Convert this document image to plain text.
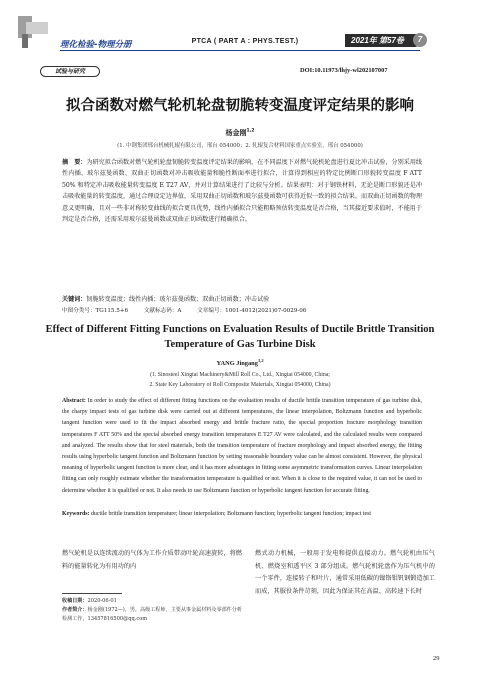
理化检验-物理分册	PTCA ( PART A : PHYS.TEST.)	2021年 第57卷	7
试验与研究	DOI:10.11973/lhjy-wl202107007
拟合函数对燃气轮机轮盘韧脆转变温度评定结果的影响
杨金刚$^{1,2}$
(1. 中钢集团邢台机械轧辊有限公司，邢台 054000；2. 轧辊复合材料国家重点实验室，邢台 054000)
摘　要：为研究拟合函数对燃气轮机轮盘韧脆转变温度评定结果的影响，在不同温度下对燃气轮机轮盘进行夏比冲击试验，分别采用线性内插、玻尔兹曼函数、双曲正切函数对冲击吸收能量和脆性断面率进行拟合，计算得到相应的特定比例断口形貌转变温度 F ATT 50% 和特定冲击吸收能量转变温度 E T27 AV，并对计算结果进行了比较与分析。结果表明：对于钢铁材料，无论是断口形貌还是冲击吸收能量的转变温度，通过合理设定边界值，采用双曲正切函数和玻尔兹曼函数可获得近似一致的拟合结果。而双曲正切函数的物理意义更明确，且对一些非对称转变曲线的拟合更具优势，线性内插拟合只能粗略预估转变温度是否合格，当其接近要求值时，不能用于判定是否合格，还需采用玻尔兹曼函数或双曲正切函数进行精确拟合。
关键词：韧脆转变温度；线性内插；玻尔兹曼函数；双曲正切函数；冲击试验
中图分类号：TG115.5+6	文献标志码：A	文章编号：1001-4012(2021)07-0029-06
Effect of Different Fitting Functions on Evaluation Results of Ductile Brittle Transition Temperature of Gas Turbine Disk
YANG Jingang$^{1,2}$
(1. Sinosteel Xingtai Machinery&Mill Roll Co., Ltd., Xingtai 054000, China;
2. State Key Laboratory of Roll Composite Materials, Xingtai 054000, China)
Abstract: In order to study the effect of different fitting functions on the evaluation results of ductile brittle transition temperature of gas turbine disk, the charpy impact tests of gas turbine disk were carried out at different temperatures, the linear interpolation, Boltzmann function and hyperbolic tangent function were used to fit the impact absorbed energy and brittle fracture ratio, the special proportion fracture morphology transition temperatures F ATT 50% and the special absorbed energy transition temperatures E T27 AV were calculated, and the calculated results were compared and analyzed. The results show that for steel materials, both the transition temperature of fracture morphology and impact absorbed energy, the fitting results using hyperbolic tangent function and Boltzmann function by setting reasonable boundary value can be almost consistent. However, the physical meaning of hyperbolic tangent function is more clear, and it has more advantages in fitting some asymmetric transformation curves. Linear interpolation fitting can only roughly estimate whether the transformation temperature is qualified or not. When it is close to the required value, it can not be used to determine whether it is qualified or not. It also needs to use Boltzmann function or hyperbolic tangent function for accurate fitting.
Keywords: ductile brittle transition temperature; linear interpolation; Boltzmann function; hyperbolic tangent function; impact test
燃气轮机是以连续流动的气体为工作介质带动叶轮高速旋转，将燃料的能量转化为有用功的内
燃式动力机械，一般用于发电和提供直接动力。燃气轮机由压气机、燃烧室和透平区 3 部分组成。燃气轮机轮盘作为压气机中的一个零件，连接转子和叶片，通常采用低碳的镍铬钼钒钢锻造加工而成，其服役条件苛刻，因此为保证其在高温、高转速下长时
收稿日期：2020-06-01
作者简介：杨金刚(1972—)，男，高级工程师，主要从事金属材料及零部件分析检测工作，13457816500@qq.com
29
